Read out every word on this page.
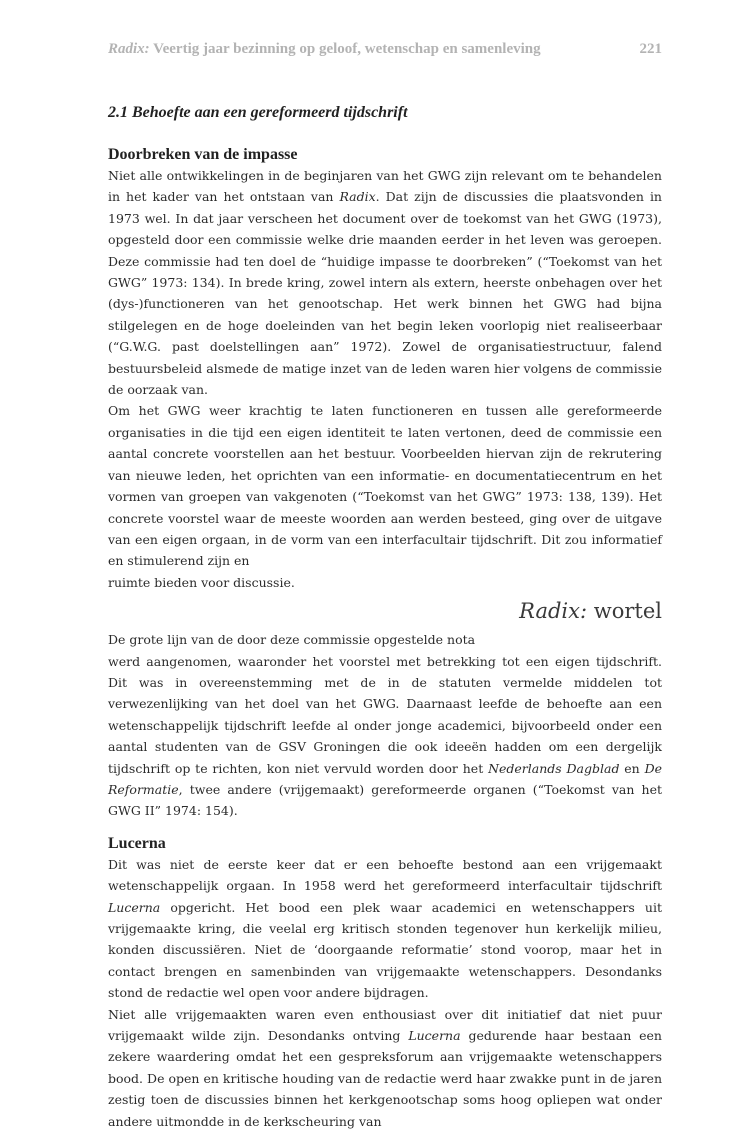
Radix: Veertig jaar bezinning op geloof, wetenschap en samenleving	221
2.1 Behoefte aan een gereformeerd tijdschrift
Doorbreken van de impasse

Niet alle ontwikkelingen in de beginjaren van het GWG zijn relevant om te behandelen in het kader van het ontstaan van Radix. Dat zijn de discussies die plaatsvonden in 1973 wel. In dat jaar verscheen het document over de toekomst van het GWG (1973), opgesteld door een commissie welke drie maanden eerder in het leven was geroepen. Deze commissie had ten doel de “huidige impasse te doorbreken” (“Toekomst van het GWG” 1973: 134). In brede kring, zowel intern als extern, heerste onbehagen over het (dys-)functioneren van het genootschap. Het werk binnen het GWG had bijna stilgelegen en de hoge doeleinden van het begin leken voorlopig niet realiseerbaar (“G.W.G. past doelstellingen aan” 1972). Zowel de organisatiestructuur, falend bestuursbeleid alsmede de matige inzet van de leden waren hier volgens de commissie de oorzaak van.

Om het GWG weer krachtig te laten functioneren en tussen alle gereformeerde organisaties in die tijd een eigen identiteit te laten vertonen, deed de commissie een aantal concrete voorstellen aan het bestuur. Voorbeelden hiervan zijn de rekrutering van nieuwe leden, het oprichten van een informatie- en documentatiecentrum en het vormen van groepen van vakgenoten (“Toekomst van het GWG” 1973: 138, 139). Het concrete voorstel waar de meeste woorden aan werden besteed, ging over de uitgave van een eigen orgaan, in de vorm van een interfacultair tijdschrift. Dit zou informatief en stimulerend zijn en
ruimte bieden voor discussie.

Radix: wortel

De grote lijn van de door deze commissie opgestelde nota
werd aangenomen, waaronder het voorstel met betrekking tot een eigen tijdschrift. Dit was in overeenstemming met de in de statuten vermelde middelen tot verwezenlijking van het doel van het GWG. Daarnaast leefde de behoefte aan een wetenschappelijk tijdschrift leefde al onder jonge academici, bijvoorbeeld onder een aantal studenten van de GSV Groningen die ook ideeën hadden om een dergelijk tijdschrift op te richten, kon niet vervuld worden door het Nederlands Dagblad en De Reformatie, twee andere (vrijgemaakt) gereformeerde organen (“Toekomst van het GWG II” 1974: 154).

Lucerna

Dit was niet de eerste keer dat er een behoefte bestond aan een vrijgemaakt wetenschappelijk orgaan. In 1958 werd het gereformeerd interfacultair tijdschrift Lucerna opgericht. Het bood een plek waar academici en wetenschappers uit vrijgemaakte kring, die veelal erg kritisch stonden tegenover hun kerkelijk milieu, konden discussiëren. Niet de ‘doorgaande reformatie’ stond voorop, maar het in contact brengen en samenbinden van vrijgemaakte wetenschappers. Desondanks stond de redactie wel open voor andere bijdragen.

Niet alle vrijgemaakten waren even enthousiast over dit initiatief dat niet puur vrijgemaakt wilde zijn. Desondanks ontving Lucerna gedurende haar bestaan een zekere waardering omdat het een gespreksforum aan vrijgemaakte wetenschappers bood. De open en kritische houding van de redactie werd haar zwakke punt in de jaren zestig toen de discussies binnen het kerkgenootschap soms hoog opliepen wat onder andere uitmondde in de kerkscheuring van
